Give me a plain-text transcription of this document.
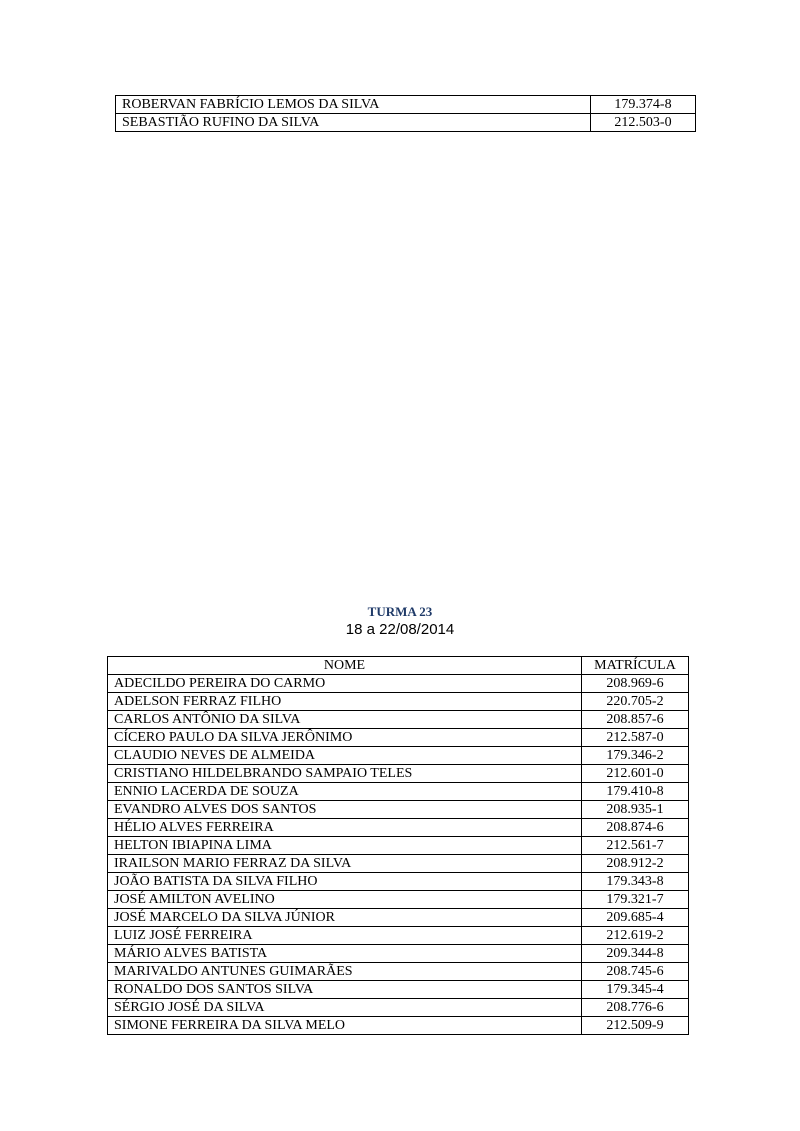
ROBERVAN FABRÍCIO LEMOS DA SILVA	179.374-8
SEBASTIÃO RUFINO DA SILVA	212.503-0
TURMA 23
18 a 22/08/2014
NOME	MATRÍCULA
ADECILDO PEREIRA DO CARMO	208.969-6
ADELSON FERRAZ FILHO	220.705-2
CARLOS ANTÔNIO DA SILVA	208.857-6
CÍCERO PAULO DA SILVA JERÔNIMO	212.587-0
CLAUDIO NEVES DE ALMEIDA	179.346-2
CRISTIANO HILDELBRANDO SAMPAIO TELES	212.601-0
ENNIO LACERDA DE SOUZA	179.410-8
EVANDRO ALVES DOS SANTOS	208.935-1
HÉLIO ALVES FERREIRA	208.874-6
HELTON IBIAPINA LIMA	212.561-7
IRAILSON MARIO FERRAZ DA SILVA	208.912-2
JOÃO BATISTA DA SILVA FILHO	179.343-8
JOSÉ AMILTON AVELINO	179.321-7
JOSÉ MARCELO DA SILVA JÚNIOR	209.685-4
LUIZ JOSÉ FERREIRA	212.619-2
MÁRIO ALVES BATISTA	209.344-8
MARIVALDO ANTUNES GUIMARÃES	208.745-6
RONALDO DOS SANTOS SILVA	179.345-4
SÉRGIO JOSÉ DA SILVA	208.776-6
SIMONE FERREIRA DA SILVA MELO	212.509-9
